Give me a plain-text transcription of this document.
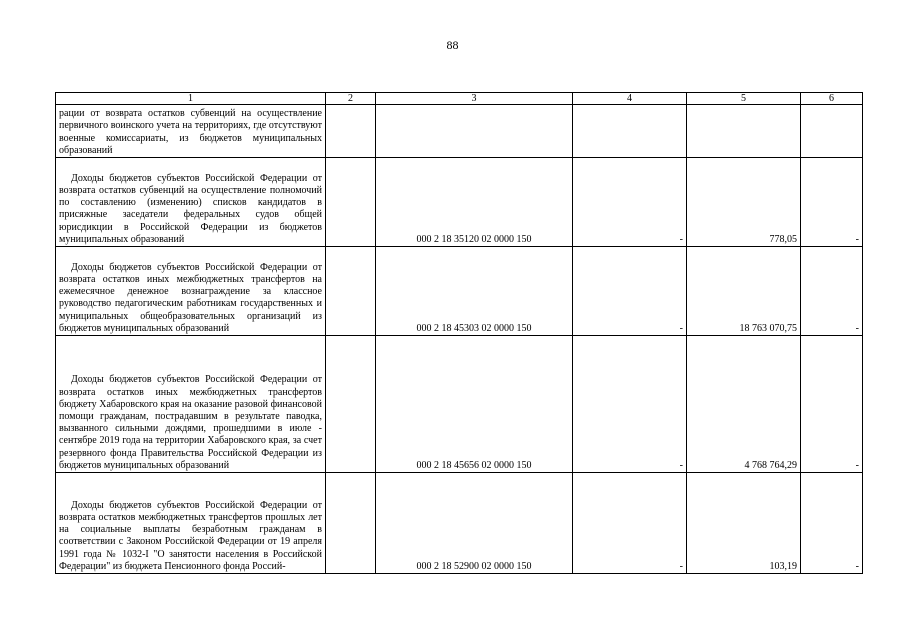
88
1	2	3	4	5	6
рации от возврата остатков субвенций на осуществление первичного воинского учета на территориях, где отсутствуют военные комиссариаты, из бюджетов муниципальных образований					
Доходы бюджетов субъектов Российской Федерации от возврата остатков субвенций на осуществление полномочий по составлению (изменению) списков кандидатов в присяжные заседатели федеральных судов общей юрисдикции в Российской Федерации из бюджетов муниципальных образований		000 2 18 35120 02 0000 150	-	778,05	-
Доходы бюджетов субъектов Российской Федерации от возврата остатков иных межбюджетных трансфертов на ежемесячное денежное вознаграждение за классное руководство педагогическим работникам государственных и муниципальных общеобразовательных организаций из бюджетов муниципальных образований		000 2 18 45303 02 0000 150	-	18 763 070,75	-
Доходы бюджетов субъектов Российской Федерации от возврата остатков иных межбюджетных трансфертов бюджету Хабаровского края на оказание разовой финансовой помощи гражданам, пострадавшим в результате паводка, вызванного сильными дождями, прошедшими в июле - сентябре 2019 года на территории Хабаровского края, за счет резервного фонда Правительства Российской Федерации из бюджетов муниципальных образований		000 2 18 45656 02 0000 150	-	4 768 764,29	-
Доходы бюджетов субъектов Российской Федерации от возврата остатков межбюджетных трансфертов прошлых лет на социальные выплаты безработным гражданам в соответствии с Законом Российской Федерации от 19 апреля 1991 года № 1032-I "О занятости населения в Российской Федерации" из бюджета Пенсионного фонда Россий-		000 2 18 52900 02 0000 150	-	103,19	-
